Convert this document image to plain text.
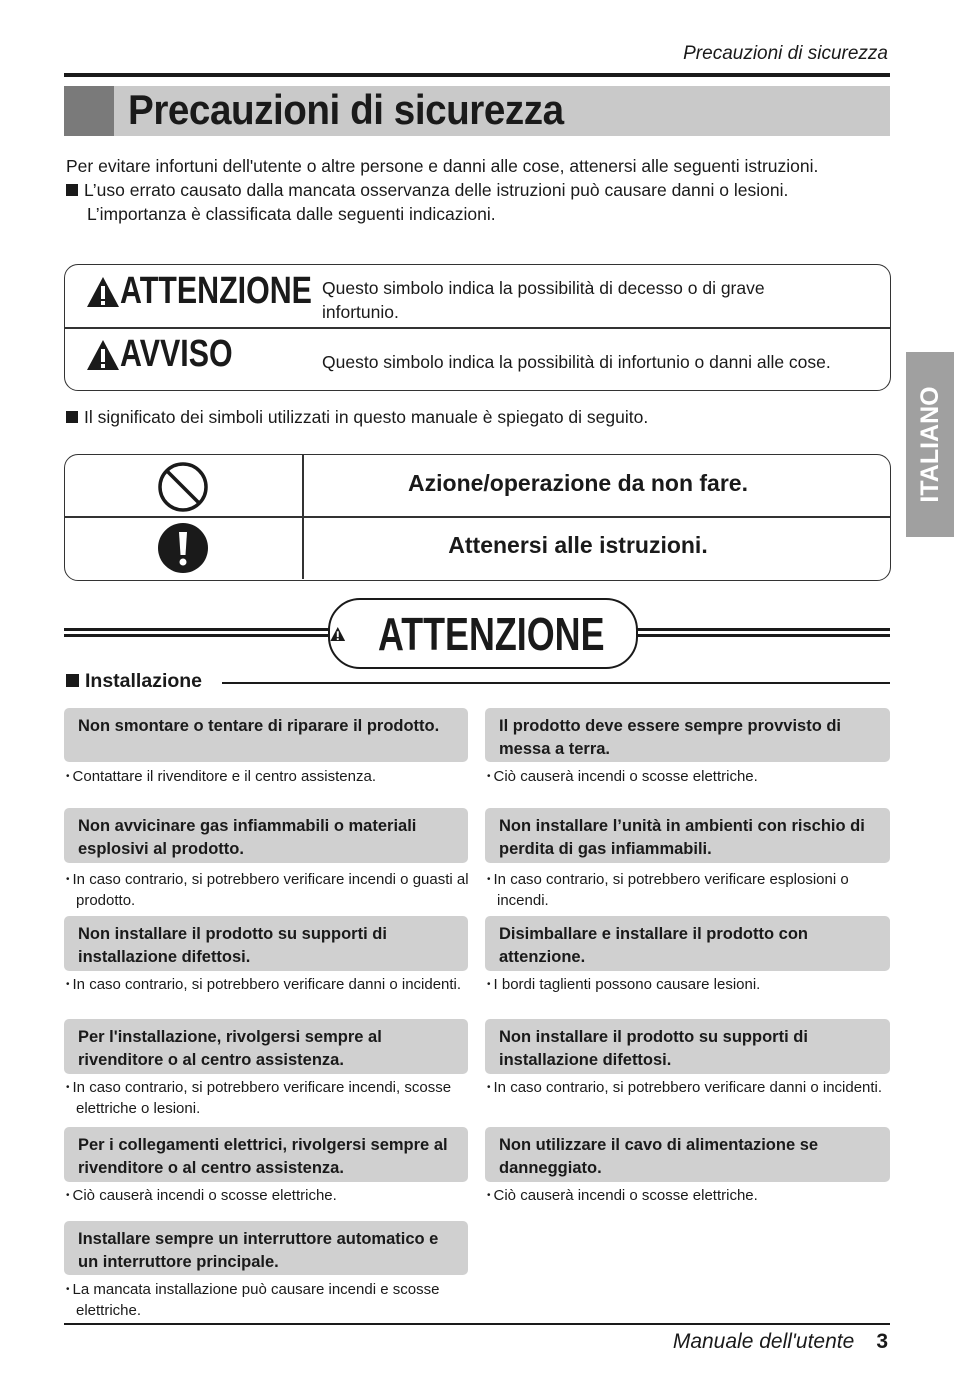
Precauzioni di sicurezza
Precauzioni di sicurezza

Per evitare infortuni dell'utente o altre persone e danni alle cose, attenersi alle seguenti istruzioni.

L’uso errato causato dalla mancata osservanza delle istruzioni può causare danni o lesioni.

L’importanza è classificata dalle seguenti indicazioni.

ATTENZIONE Questo simbolo indica la possibilità di decesso o di grave infortunio.
AVVISO	Questo simbolo indica la possibilità di infortunio o danni alle cose.
Il significato dei simboli utilizzati in questo manuale è spiegato di seguito.
Azione/operazione da non fare.
Attenersi alle istruzioni.
ATTENZIONE
Installazione
Non smontare o tentare di riparare il prodotto.
• Contattare il rivenditore e il centro assistenza.
Non avvicinare gas infiammabili o materiali esplosivi al prodotto.
• In caso contrario, si potrebbero verificare incendi o guasti al prodotto.
Non installare il prodotto su supporti di installazione difettosi.
• In caso contrario, si potrebbero verificare danni o incidenti.
Per l'installazione, rivolgersi sempre al rivenditore o al centro assistenza.
• In caso contrario, si potrebbero verificare incendi, scosse elettriche o lesioni.
Per i collegamenti elettrici, rivolgersi sempre al rivenditore o al centro assistenza.
• Ciò causerà incendi o scosse elettriche.
Installare sempre un interruttore automatico e un interruttore principale.
• La mancata installazione può causare incendi e scosse elettriche.
Il prodotto deve essere sempre provvisto di messa a terra.
• Ciò causerà incendi o scosse elettriche.
Non installare l’unità in ambienti con rischio di perdita di gas infiammabili.
• In caso contrario, si potrebbero verificare esplosioni o incendi.
Disimballare e installare il prodotto con attenzione.
• I bordi taglienti possono causare lesioni.
Non installare il prodotto su supporti di installazione difettosi.
• In caso contrario, si potrebbero verificare danni o incidenti.
Non utilizzare il cavo di alimentazione se danneggiato.
• Ciò causerà incendi o scosse elettriche.
Manuale dell'utente 3
ITALIANO
